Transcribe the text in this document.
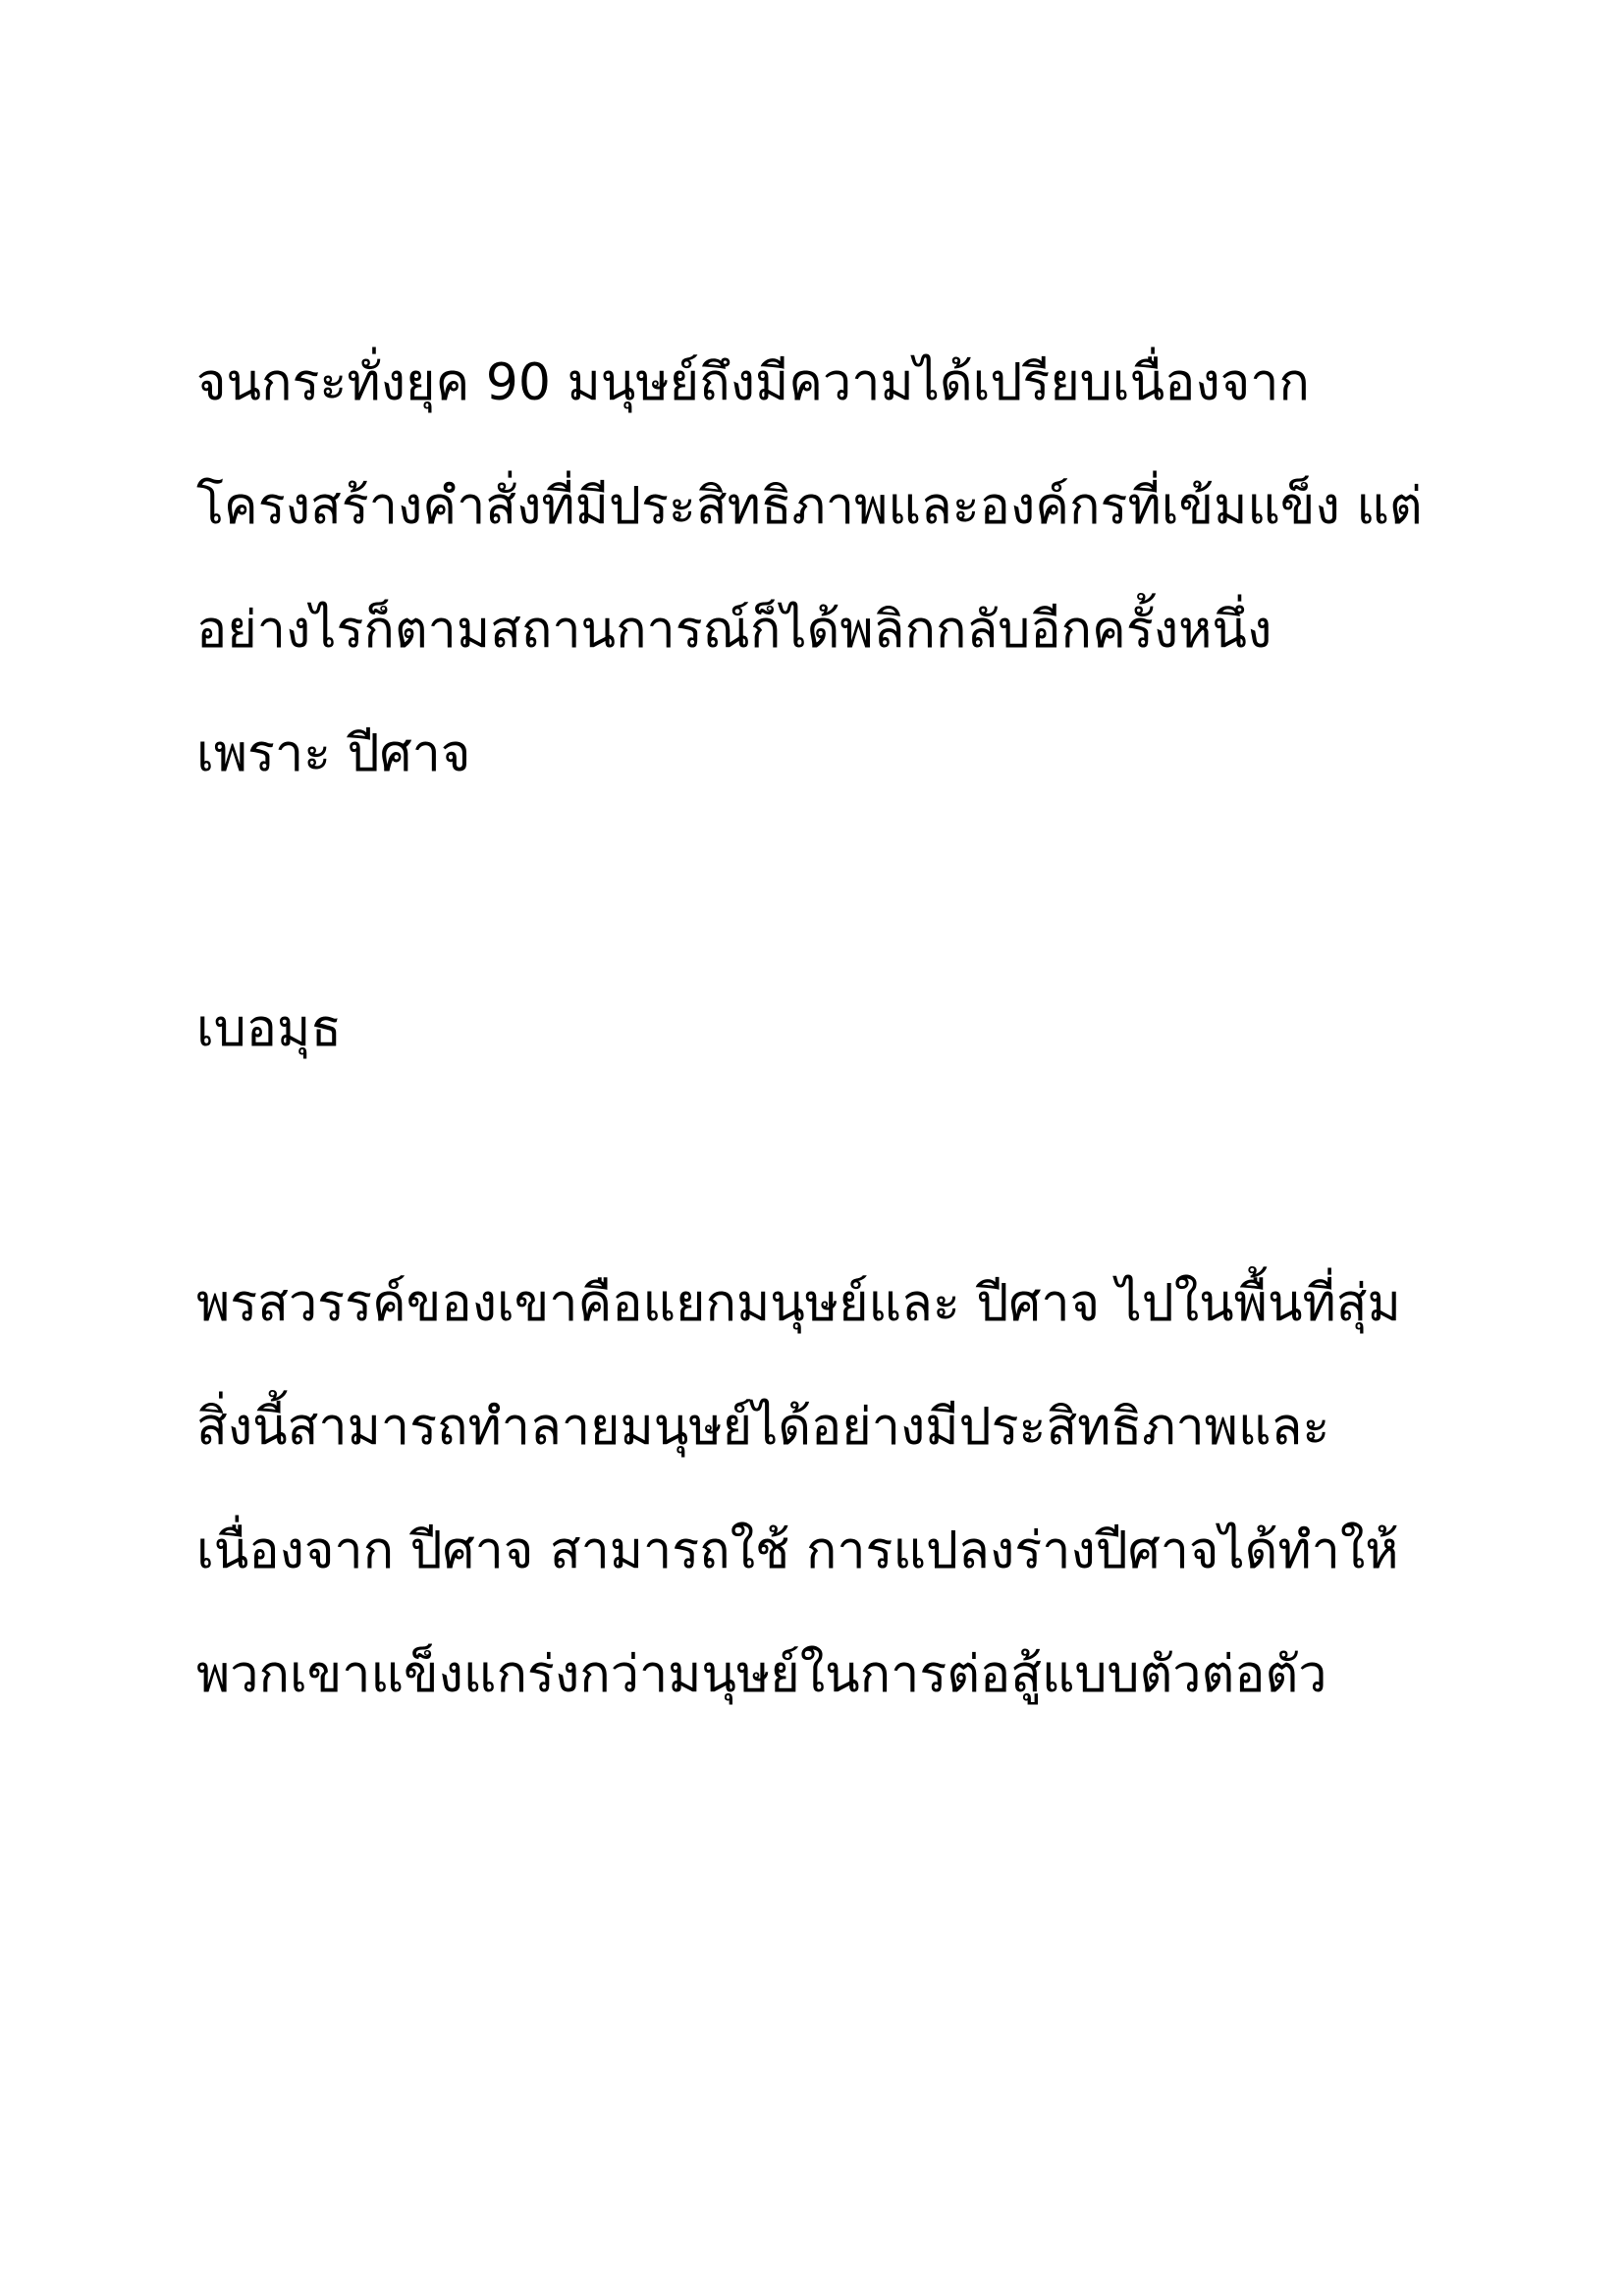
จนกระทั่งยุค 90 มนุษย์ถึงมีความได้เปรียบเนื่องจาก

โครงสร้างคำสั่งที่มีประสิทธิภาพและองค์กรที่เข้มแข็ง แต่

อย่างไรก็ตามสถานการณ์ก็ได้พลิกกลับอีกครั้งหนึ่ง

เพราะ ปีศาจ

เบอมุธ

พรสวรรค์ของเขาคือแยกมนุษย์และ ปีศาจ ไปในพื้นที่สุ่ม

สิ่งนี้สามารถทำลายมนุษย์ได้อย่างมีประสิทธิภาพและ

เนื่องจาก ปีศาจ สามารถใช้ การแปลงร่างปีศาจได้ทำให้

พวกเขาแข็งแกร่งกว่ามนุษย์ในการต่อสู้แบบตัวต่อตัว
